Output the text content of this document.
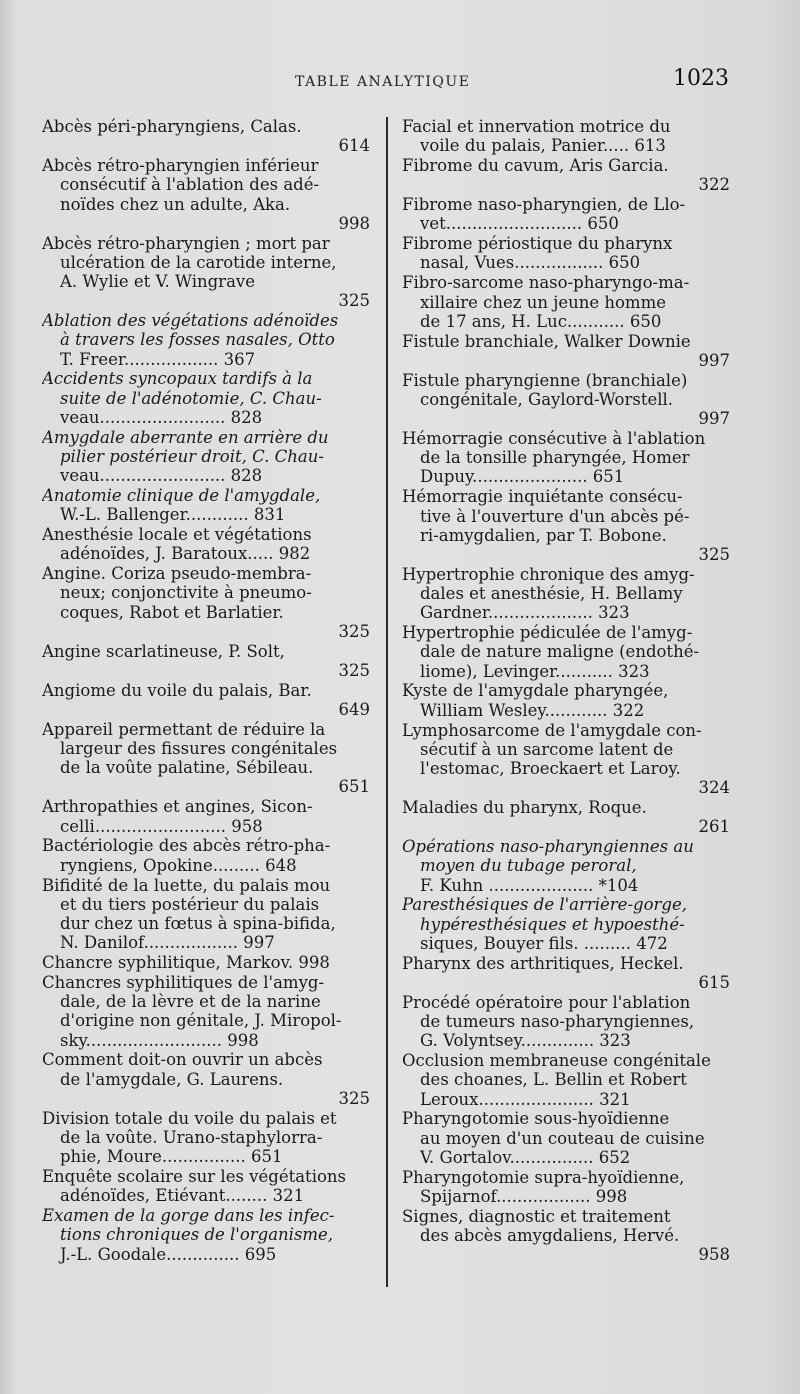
TABLE ANALYTIQUE	1023
Abcès péri-pharyngiens, Calas.
614
Abcès rétro-pharyngien inférieur
consécutif à l'ablation des adé-
noïdes chez un adulte, Aka.
998
Abcès rétro-pharyngien ; mort par
ulcération de la carotide interne,
A. Wylie et V. Wingrave
325
Ablation des végétations adénoïdes
à travers les fosses nasales, Otto
T. Freer.................. 367
Accidents syncopaux tardifs à la
suite de l'adénotomie, C. Chau-
veau........................ 828
Amygdale aberrante en arrière du
pilier postérieur droit, C. Chau-
veau........................ 828
Anatomie clinique de l'amygdale,
W.-L. Ballenger............ 831
Anesthésie locale et végétations
adénoïdes, J. Baratoux..... 982
Angine. Coriza pseudo-membra-
neux; conjonctivite à pneumo-
coques, Rabot et Barlatier.
325
Angine scarlatineuse, P. Solt,
325
Angiome du voile du palais, Bar.
649
Appareil permettant de réduire la
largeur des fissures congénitales
de la voûte palatine, Sébileau.
651
Arthropathies et angines, Sicon-
celli......................... 958
Bactériologie des abcès rétro-pha-
ryngiens, Opokine......... 648
Bifidité de la luette, du palais mou
et du tiers postérieur du palais
dur chez un fœtus à spina-bifida,
N. Danilof.................. 997
Chancre syphilitique, Markov. 998
Chancres syphilitiques de l'amyg-
dale, de la lèvre et de la narine
d'origine non génitale, J. Miropol-
sky.......................... 998
Comment doit-on ouvrir un abcès
de l'amygdale, G. Laurens.
325
Division totale du voile du palais et
de la voûte. Urano-staphylorra-
phie, Moure................ 651
Enquête scolaire sur les végétations
adénoïdes, Etiévant........ 321
Examen de la gorge dans les infec-
tions chroniques de l'organisme,
J.-L. Goodale.............. 695
Facial et innervation motrice du
voile du palais, Panier..... 613
Fibrome du cavum, Aris Garcia.
322
Fibrome naso-pharyngien, de Llo-
vet.......................... 650
Fibrome périostique du pharynx
nasal, Vues................. 650
Fibro-sarcome naso-pharyngo-ma-
xillaire chez un jeune homme
de 17 ans, H. Luc........... 650
Fistule branchiale, Walker Downie
997
Fistule pharyngienne (branchiale)
congénitale, Gaylord-Worstell.
997
Hémorragie consécutive à l'ablation
de la tonsille pharyngée, Homer
Dupuy...................... 651
Hémorragie inquiétante consécu-
tive à l'ouverture d'un abcès pé-
ri-amygdalien, par T. Bobone.
325
Hypertrophie chronique des amyg-
dales et anesthésie, H. Bellamy
Gardner.................... 323
Hypertrophie pédiculée de l'amyg-
dale de nature maligne (endothé-
liome), Levinger........... 323
Kyste de l'amygdale pharyngée,
William Wesley............ 322
Lymphosarcome de l'amygdale con-
sécutif à un sarcome latent de
l'estomac, Broeckaert et Laroy.
324
Maladies du pharynx, Roque.
261
Opérations naso-pharyngiennes au
moyen du tubage peroral,
F. Kuhn .................... *104
Paresthésiques de l'arrière-gorge,
hypéresthésiques et hypoesthé-
siques, Bouyer fils. ......... 472
Pharynx des arthritiques, Heckel.
615
Procédé opératoire pour l'ablation
de tumeurs naso-pharyngiennes,
G. Volyntsey.............. 323
Occlusion membraneuse congénitale
des choanes, L. Bellin et Robert
Leroux...................... 321
Pharyngotomie sous-hyoïdienne
au moyen d'un couteau de cuisine
V. Gortalov................ 652
Pharyngotomie supra-hyoïdienne,
Spijarnof.................. 998
Signes, diagnostic et traitement
des abcès amygdaliens, Hervé.
958
